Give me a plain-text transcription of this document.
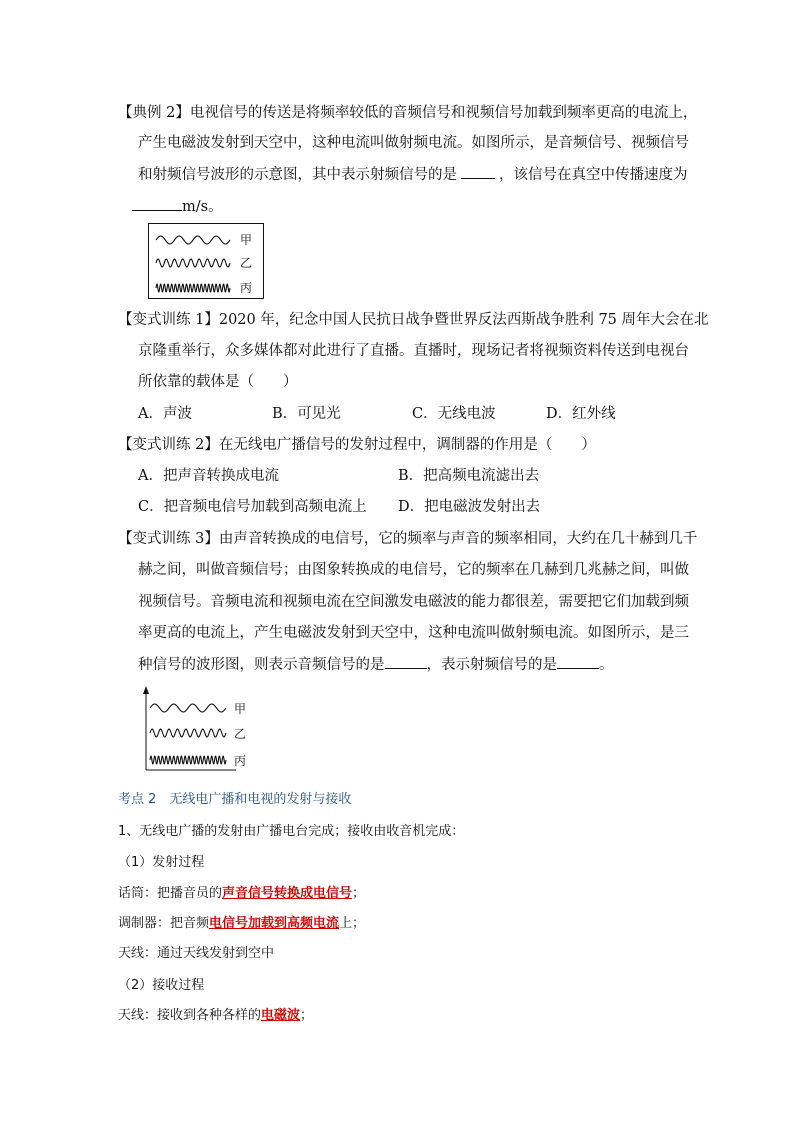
【典例 2】电视信号的传送是将频率较低的音频信号和视频信号加载到频率更高的电流上，
产生电磁波发射到天空中，这种电流叫做射频电流。如图所示，是音频信号、视频信号
和射频信号波形的示意图，其中表示射频信号的是	，该信号在真空中传播速度为
m/s。
甲
乙
丙
【变式训练 1】2020 年，纪念中国人民抗日战争暨世界反法西斯战争胜利 75 周年大会在北
京隆重举行，众多媒体都对此进行了直播。直播时，现场记者将视频资料传送到电视台
所依靠的载体是（　　）
A．声波	B．可见光	C．无线电波	D．红外线
【变式训练 2】在无线电广播信号的发射过程中，调制器的作用是（　　）
A．把声音转换成电流	B．把高频电流滤出去
C．把音频电信号加载到高频电流上 D．把电磁波发射出去
【变式训练 3】由声音转换成的电信号，它的频率与声音的频率相同，大约在几十赫到几千
赫之间，叫做音频信号；由图象转换成的电信号，它的频率在几赫到几兆赫之间，叫做
视频信号。音频电流和视频电流在空间激发电磁波的能力都很差，需要把它们加载到频
率更高的电流上，产生电磁波发射到天空中，这种电流叫做射频电流。如图所示，是三
种信号的波形图，则表示音频信号的是	，表示射频信号的是	。
甲
乙
丙
考点 2　无线电广播和电视的发射与接收
1、无线电广播的发射由广播电台完成；接收由收音机完成：
（1）发射过程
话筒：把播音员的声音信号转换成电信号；
调制器：把音频电信号加载到高频电流上；
天线：通过天线发射到空中
（2）接收过程
天线：接收到各种各样的电磁波；
